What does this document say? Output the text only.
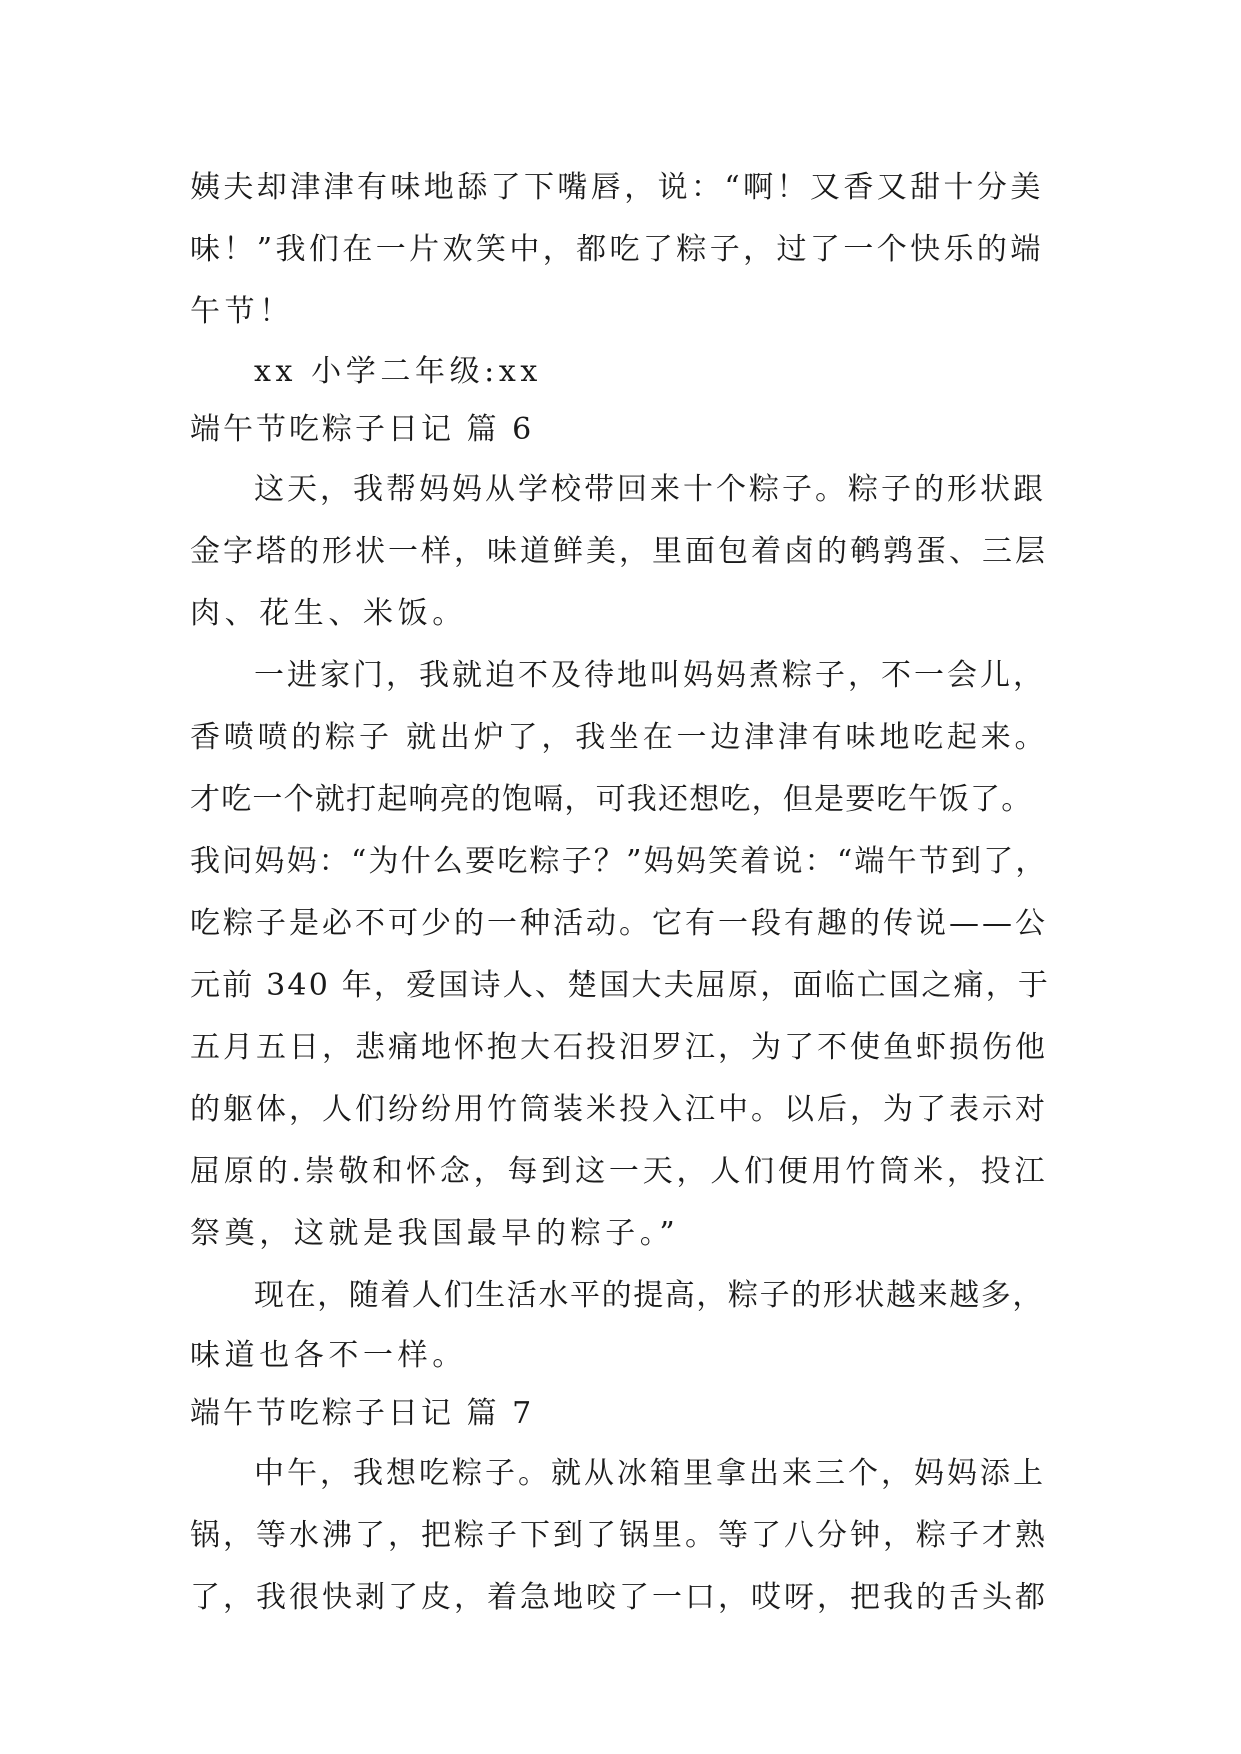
姨夫却津津有味地舔了下嘴唇，说：“啊！又香又甜十分美
味！”我们在一片欢笑中，都吃了粽子，过了一个快乐的端
午节！
xx 小学二年级:xx
端午节吃粽子日记 篇 6
这天，我帮妈妈从学校带回来十个粽子。粽子的形状跟
金字塔的形状一样，味道鲜美，里面包着卤的鹌鹑蛋、三层
肉、花生、米饭。
一进家门，我就迫不及待地叫妈妈煮粽子，不一会儿，
香喷喷的粽子 就出炉了，我坐在一边津津有味地吃起来。
才吃一个就打起响亮的饱嗝，可我还想吃，但是要吃午饭了。
我问妈妈：“为什么要吃粽子？”妈妈笑着说：“端午节到了，
吃粽子是必不可少的一种活动。它有一段有趣的传说——公
元前 340 年，爱国诗人、楚国大夫屈原，面临亡国之痛，于
五月五日，悲痛地怀抱大石投汨罗江，为了不使鱼虾损伤他
的躯体，人们纷纷用竹筒装米投入江中。以后，为了表示对
屈原的.崇敬和怀念，每到这一天，人们便用竹筒米，投江
祭奠，这就是我国最早的粽子。”
现在，随着人们生活水平的提高，粽子的形状越来越多，
味道也各不一样。
端午节吃粽子日记 篇 7
中午，我想吃粽子。就从冰箱里拿出来三个，妈妈添上
锅，等水沸了，把粽子下到了锅里。等了八分钟，粽子才熟
了，我很快剥了皮，着急地咬了一口，哎呀，把我的舌头都
